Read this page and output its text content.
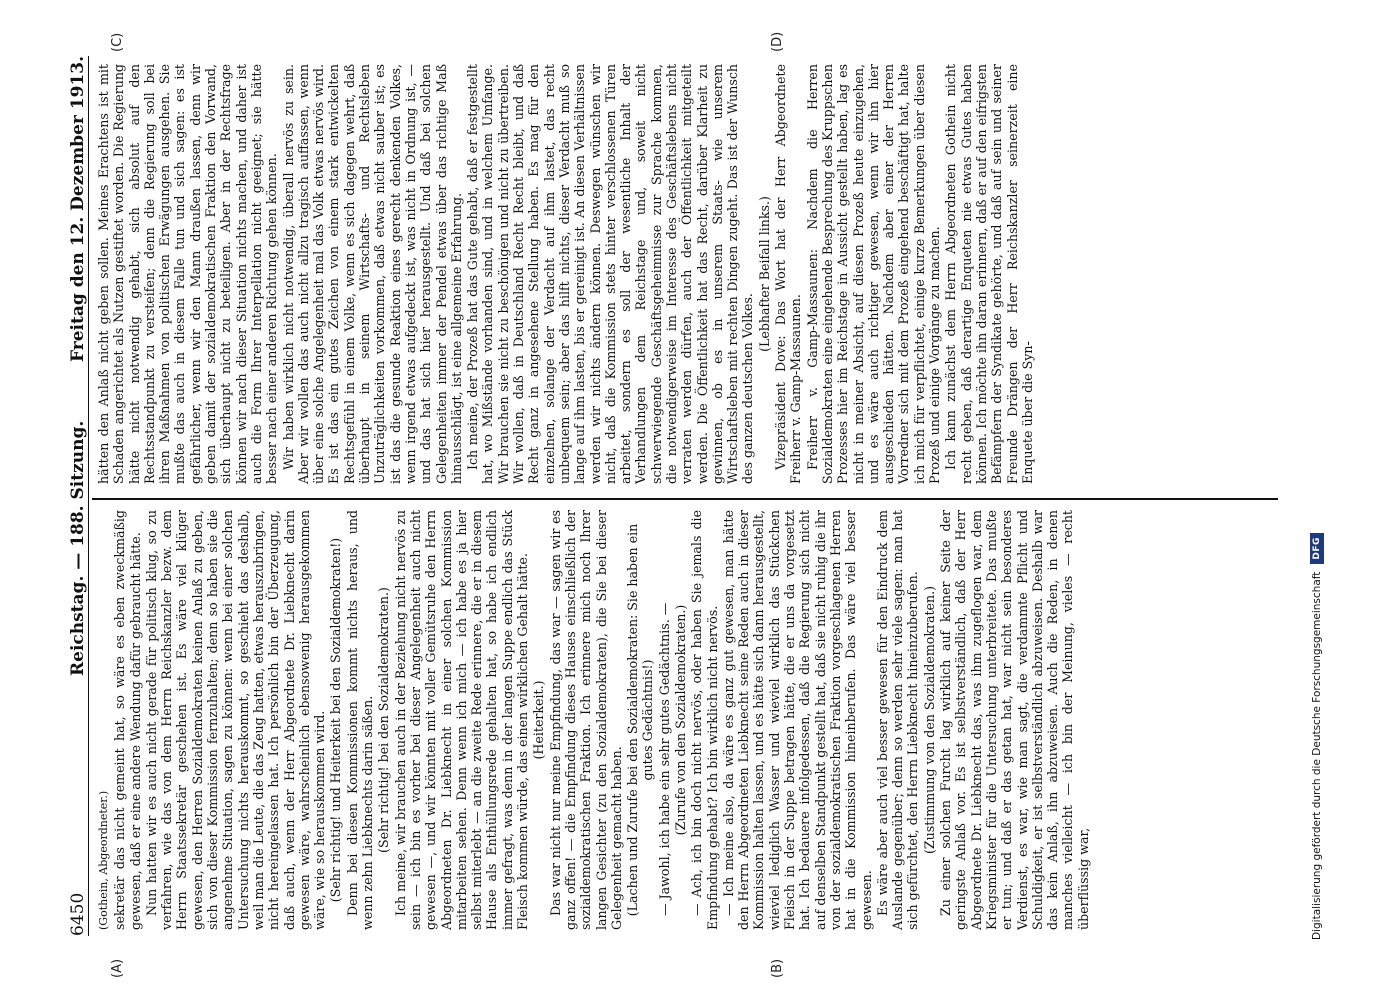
6450
Reichstag. — 188. Sitzung.
Freitag den 12. Dezember 1913.
(A)	(B)
(C)	(D)

(Gothein, Abgeordneter.) sekretär das nicht gemeint hat, so wäre es eben zweckmäßig gewesen, daß er eine andere Wendung dafür gebraucht hätte. Nun hatten wir es auch nicht gerade für politisch klug, so zu verfahren, wie das von dem Herrn Reichskanzler bezw. dem Herrn Staatssekretär geschehen ist. Es wäre viel klüger gewesen, den Herren Sozialdemokraten keinen Anlaß zu geben, sich von dieser Kommission fernzuhalten; denn so haben sie die angenehme Situation, sagen zu können: wenn bei einer solchen Untersuchung nichts herauskommt, so geschieht das deshalb, weil man die Leute, die das Zeug hatten, etwas herauszubringen, nicht hereingelassen hat. Ich persönlich bin der Überzeugung, daß auch, wenn der Herr Abgeordnete Dr. Liebknecht darin gewesen wäre, wahrscheinlich ebensowenig herausgekommen wäre, wie so herauskommen wird. (Sehr richtig! und Heiterkeit bei den Sozialdemokraten!) Denn bei diesen Kommissionen kommt nichts heraus, und wenn zehn Liebknechts darin säßen. (Sehr richtig! bei den Sozialdemokraten.) Ich meine, wir brauchen auch in der Beziehung nicht nervös zu sein — ich bin es vorher bei dieser Angelegenheit auch nicht gewesen —, und wir könnten mit voller Gemütsruhe den Herrn Abgeordneten Dr. Liebknecht in einer solchen Kommission mitarbeiten sehen. Denn wenn ich mich — ich habe es ja hier selbst miterlebt — an die zweite Rede erinnere, die er in diesem Hause als Enthüllungsrede gehalten hat, so habe ich endlich immer gefragt, was denn in der langen Suppe endlich das Stück Fleisch kommen würde, das einen wirklichen Gehalt hätte. (Heiterkeit.) Das war nicht nur meine Empfindung, das war — sagen wir es ganz offen! — die Empfindung dieses Hauses einschließlich der sozialdemokratischen Fraktion. Ich erinnere mich noch Ihrer langen Gesichter (zu den Sozialdemokraten), die Sie bei dieser Gelegenheit gemacht haben. (Lachen und Zurufe bei den Sozialdemokraten: Sie haben ein gutes Gedächtnis!) — Jawohl, ich habe ein sehr gutes Gedächtnis. — (Zurufe von den Sozialdemokraten.) — Ach, ich bin doch nicht nervös, oder haben Sie jemals die Empfindung gehabt? Ich bin wirklich nicht nervös. — Ich meine also, da wäre es ganz gut gewesen, man hätte den Herrn Abgeordneten Liebknecht seine Reden auch in dieser Kommission halten lassen, und es hätte sich dann herausgestellt, wieviel lediglich Wasser und wieviel wirklich das Stückchen Fleisch in der Suppe betragen hätte, die er uns da vorgesetzt hat. Ich bedauere infolgedessen, daß die Regierung sich nicht auf denselben Standpunkt gestellt hat, daß sie nicht ruhig die ihr von der sozialdemokratischen Fraktion vorgeschlagenen Herren hat in die Kommission hineinberufen. Das wäre viel besser gewesen. Es wäre aber auch viel besser gewesen für den Eindruck dem Auslande gegenüber; denn so werden sehr viele sagen: man hat sich gefürchtet, den Herrn Liebknecht hineinzuberufen. (Zustimmung von den Sozialdemokraten.) Zu einer solchen Furcht lag wirklich auf keiner Seite der geringste Anlaß vor. Es ist selbstverständlich, daß der Herr Abgeordnete Dr. Liebknecht das, was ihm zugeflogen war, dem Kriegsminister für die Untersuchung unterbreitete. Das mußte er tun; und daß er das getan hat, war nicht sein besonderes Verdienst, es war, wie man sagt, die verdammte Pflicht und Schuldigkeit, er ist selbstverständlich abzuweisen. Deshalb war das kein Anlaß, ihn abzuweisen. Auch die Reden, in denen manches vielleicht — ich bin der Meinung, vieles — recht überflüssig war,

hätten den Anlaß nicht geben sollen. Meines Erachtens ist mit Schaden angerichtet als Nutzen gestiftet worden. Die Regierung hätte nicht notwendig gehabt, sich absolut auf den Rechtsstandpunkt zu versteifen; denn die Regierung soll bei ihren Maßnahmen von politischen Erwägungen ausgehen. Sie mußte das auch in diesem Falle tun und sich sagen: es ist gefährlicher, wenn wir den Mann draußen lassen, denn wir geben damit der sozialdemokratischen Fraktion den Vorwand, sich überhaupt nicht zu beteiligen. Aber in der Rechtsfrage können wir nach dieser Situation nichts machen, und daher ist auch die Form Ihrer Interpellation nicht geeignet; sie hätte besser nach einer anderen Richtung gehen können. Wir haben wirklich nicht notwendig, überall nervös zu sein. Aber wir wollen das auch nicht allzu tragisch auffassen, wenn über eine solche Angelegenheit mal das Volk etwas nervös wird. Es ist das ein gutes Zeichen von einem stark entwickelten Rechtsgefühl in einem Volke, wenn es sich dagegen wehrt, daß überhaupt in seinem Wirtschafts- und Rechtsleben Unzuträglichkeiten vorkommen, daß etwas nicht sauber ist; es ist das die gesunde Reaktion eines gerecht denkenden Volkes, wenn irgend etwas aufgedeckt ist, was nicht in Ordnung ist, — und das hat sich hier herausgestellt. Und daß bei solchen Gelegenheiten immer der Pendel etwas über das richtige Maß hinausschlägt, ist eine allgemeine Erfahrung. Ich meine, der Prozeß hat das Gute gehabt, daß er festgestellt hat, wo Mißstände vorhanden sind, und in welchem Umfange. Wir brauchen sie nicht zu beschönigen und nicht zu übertreiben. Wir wollen, daß in Deutschland Recht Recht bleibt, und daß Recht ganz in angesehene Stellung haben. Es mag für den einzelnen, solange der Verdacht auf ihm lastet, das recht unbequem sein; aber das hilft nichts, dieser Verdacht muß so lange auf ihm lasten, bis er gereinigt ist. An diesen Verhältnissen werden wir nichts ändern können. Deswegen wünschen wir nicht, daß die Kommission stets hinter verschlossenen Türen arbeitet, sondern es soll der wesentliche Inhalt der Verhandlungen dem Reichstage und, soweit nicht schwerwiegende Geschäftsgeheimnisse zur Sprache kommen, die notwendigerweise im Interesse des Geschäftslebens nicht verraten werden dürfen, auch der Öffentlichkeit mitgeteilt werden. Die Öffentlichkeit hat das Recht, darüber Klarheit zu gewinnen, ob es in unserem Staats- wie unserem Wirtschaftsleben mit rechten Dingen zugeht. Das ist der Wunsch des ganzen deutschen Volkes.

(Lebhafter Beifall links.) Vizepräsident Dove: Das Wort hat der Herr Abgeordnete Freiherr v. Gamp-Massaunen. Freiherr v. Gamp-Massaunen: Nachdem die Herren Sozialdemokraten eine eingehende Besprechung des Kruppschen Prozesses hier im Reichstage in Aussicht gestellt haben, lag es nicht in meiner Absicht, auf diesen Prozeß heute einzugehen, und es wäre auch richtiger gewesen, wenn wir ihn hier ausgeschieden hätten. Nachdem aber einer der Herren Vorredner sich mit dem Prozeß eingehend beschäftigt hat, halte ich mich für verpflichtet, einige kurze Bemerkungen über diesen Prozeß und einige Vorgänge zu machen. Ich kann zunächst dem Herrn Abgeordneten Gothein nicht recht geben, daß derartige Enqueten nie etwas Gutes haben können. Ich möchte ihn daran erinnern, daß er auf den eifrigsten Befämpfern der Syndikate gehörte, und daß auf sein und seiner Freunde Drängen der Herr Reichskanzler seinerzeit eine Enquete über die Syn-

Digitalisierung gefördert durch die Deutsche Forschungsgemeinschaft
DFG
